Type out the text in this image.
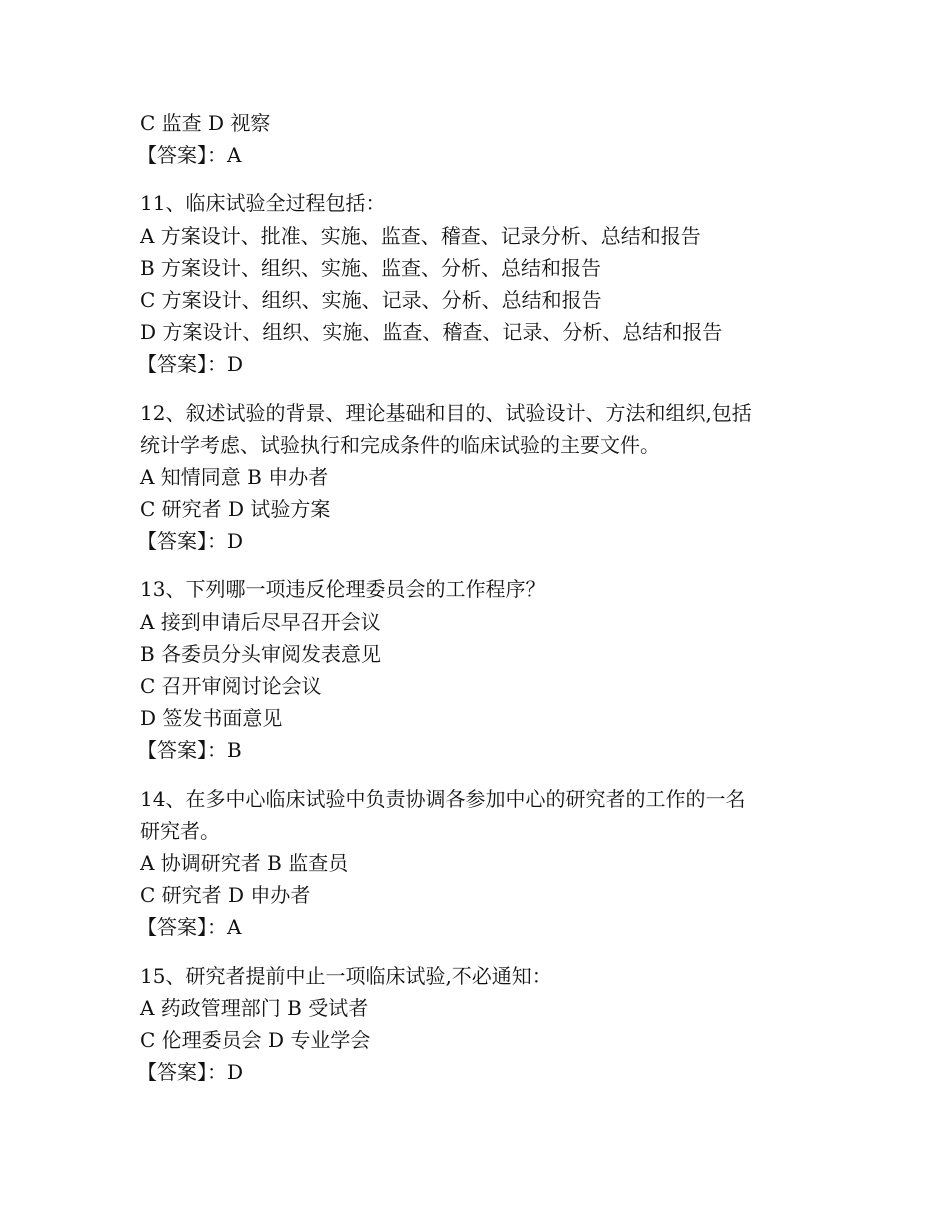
C 监查 D 视察
【答案】：A
11、临床试验全过程包括：
A 方案设计、批准、实施、监查、稽查、记录分析、总结和报告
B 方案设计、组织、实施、监查、分析、总结和报告
C 方案设计、组织、实施、记录、分析、总结和报告
D 方案设计、组织、实施、监查、稽查、记录、分析、总结和报告
【答案】：D
12、叙述试验的背景、理论基础和目的、试验设计、方法和组织,包括
统计学考虑、试验执行和完成条件的临床试验的主要文件。
A 知情同意 B 申办者
C 研究者 D 试验方案
【答案】：D
13、下列哪一项违反伦理委员会的工作程序？
A 接到申请后尽早召开会议
B 各委员分头审阅发表意见
C 召开审阅讨论会议
D 签发书面意见
【答案】：B
14、在多中心临床试验中负责协调各参加中心的研究者的工作的一名
研究者。
A 协调研究者 B 监查员
C 研究者 D 申办者
【答案】：A
15、研究者提前中止一项临床试验,不必通知：
A 药政管理部门 B 受试者
C 伦理委员会 D 专业学会
【答案】：D
